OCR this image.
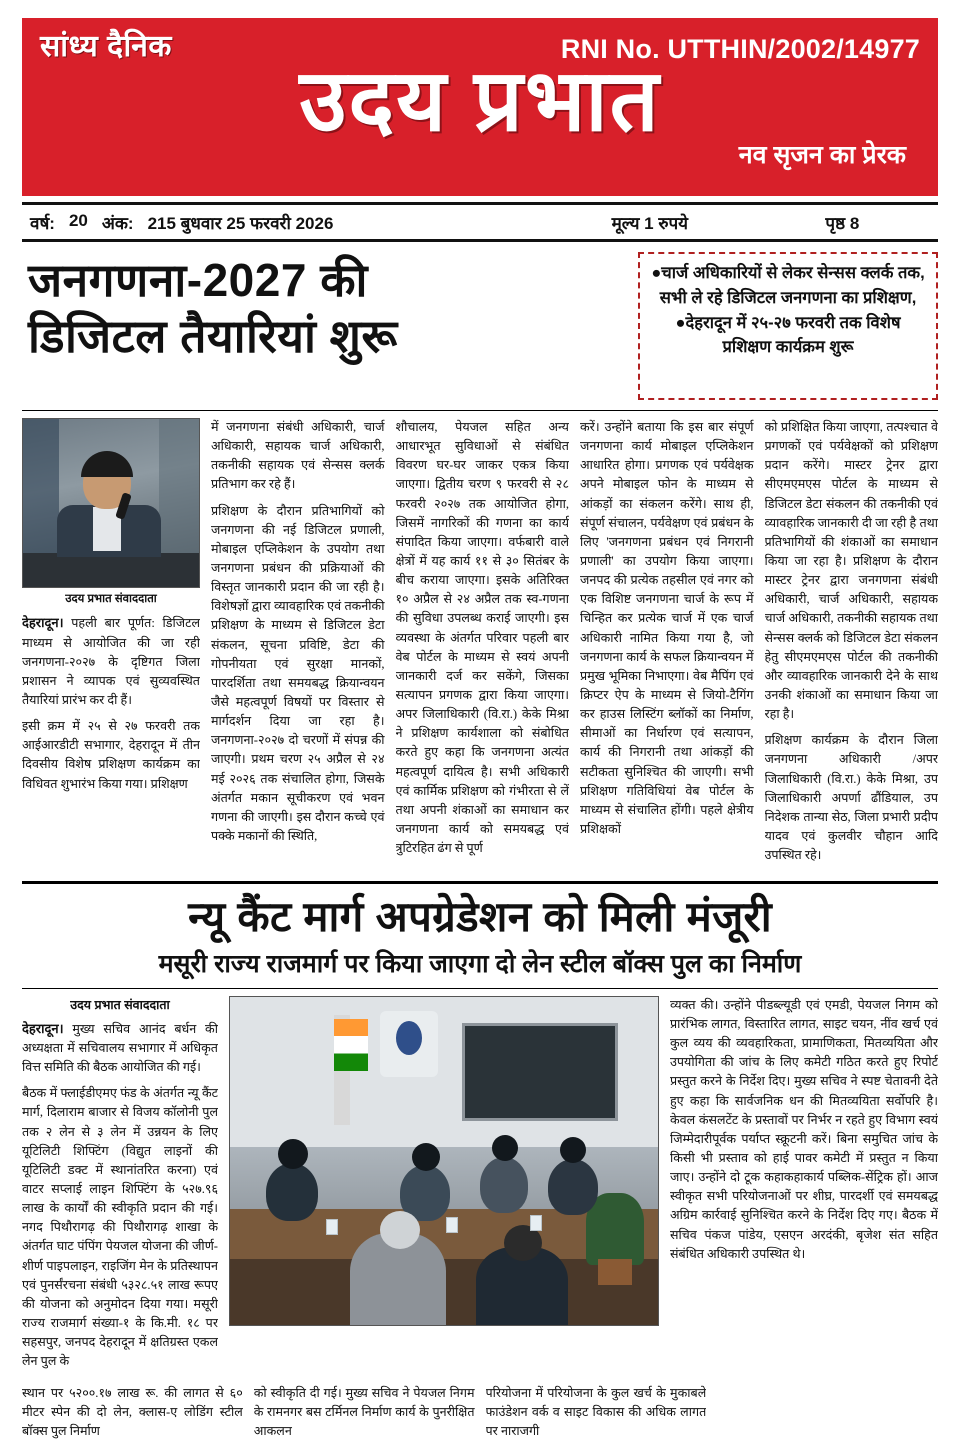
सांध्य दैनिक	RNI No. UTTHIN/2002/14977
उदय प्रभात
नव सृजन का प्रेरक
वर्ष: 20 अंक: 215 बुधवार 25 फरवरी 2026	मूल्य 1 रुपये	पृष्ठ 8
जनगणना-2027 की
डिजिटल तैयारियां शुरू
●चार्ज अधिकारियों से लेकर सेन्सस क्लर्क तक, सभी ले रहे डिजिटल जनगणना का प्रशिक्षण, ●देहरादून में २५-२७ फरवरी तक विशेष प्रशिक्षण कार्यक्रम शुरू
उदय प्रभात संवाददाता

देहरादून। पहली बार पूर्णत: डिजिटल माध्यम से आयोजित की जा रही जनगणना-२०२७ के दृष्टिगत जिला प्रशासन ने व्यापक एवं सुव्यवस्थित तैयारियां प्रारंभ कर दी हैं।

इसी क्रम में २५ से २७ फरवरी तक आईआरडीटी सभागार, देहरादून में तीन दिवसीय विशेष प्रशिक्षण कार्यक्रम का विधिवत शुभारंभ किया गया। प्रशिक्षण

में जनगणना संबंधी अधिकारी, चार्ज अधिकारी, सहायक चार्ज अधिकारी, तकनीकी सहायक एवं सेन्सस क्लर्क प्रतिभाग कर रहे हैं।

प्रशिक्षण के दौरान प्रतिभागियों को जनगणना की नई डिजिटल प्रणाली, मोबाइल एप्लिकेशन के उपयोग तथा जनगणना प्रबंधन की प्रक्रियाओं की विस्तृत जानकारी प्रदान की जा रही है। विशेषज्ञों द्वारा व्यावहारिक एवं तकनीकी प्रशिक्षण के माध्यम से डिजिटल डेटा संकलन, सूचना प्रविष्टि, डेटा की गोपनीयता एवं सुरक्षा मानकों, पारदर्शिता तथा समयबद्ध क्रियान्वयन जैसे महत्वपूर्ण विषयों पर विस्तार से मार्गदर्शन दिया जा रहा है। जनगणना-२०२७ दो चरणों में संपन्न की जाएगी। प्रथम चरण २५ अप्रैल से २४ मई २०२६ तक संचालित होगा, जिसके अंतर्गत मकान सूचीकरण एवं भवन गणना की जाएगी। इस दौरान कच्चे एवं पक्के मकानों की स्थिति,

शौचालय, पेयजल सहित अन्य आधारभूत सुविधाओं से संबंधित विवरण घर-घर जाकर एकत्र किया जाएगा। द्वितीय चरण ९ फरवरी से २८ फरवरी २०२७ तक आयोजित होगा, जिसमें नागरिकों की गणना का कार्य संपादित किया जाएगा। वर्फबारी वाले क्षेत्रों में यह कार्य ११ से ३० सितंबर के बीच कराया जाएगा। इसके अतिरिक्त १० अप्रैल से २४ अप्रैल तक स्व-गणना की सुविधा उपलब्ध कराई जाएगी। इस व्यवस्था के अंतर्गत परिवार पहली बार वेब पोर्टल के माध्यम से स्वयं अपनी जानकारी दर्ज कर सकेंगे, जिसका सत्यापन प्रगणक द्वारा किया जाएगा। अपर जिलाधिकारी (वि.रा.) केके मिश्रा ने प्रशिक्षण कार्यशाला को संबोधित करते हुए कहा कि जनगणना अत्यंत महत्वपूर्ण दायित्व है। सभी अधिकारी एवं कार्मिक प्रशिक्षण को गंभीरता से लें तथा अपनी शंकाओं का समाधान कर जनगणना कार्य को समयबद्ध एवं त्रुटिरहित ढंग से पूर्ण

करें। उन्होंने बताया कि इस बार संपूर्ण जनगणना कार्य मोबाइल एप्लिकेशन आधारित होगा। प्रगणक एवं पर्यवेक्षक अपने मोबाइल फोन के माध्यम से आंकड़ों का संकलन करेंगे। साथ ही, संपूर्ण संचालन, पर्यवेक्षण एवं प्रबंधन के लिए 'जनगणना प्रबंधन एवं निगरानी प्रणाली' का उपयोग किया जाएगा। जनपद की प्रत्येक तहसील एवं नगर को एक विशिष्ट जनगणना चार्ज के रूप में चिन्हित कर प्रत्येक चार्ज में एक चार्ज अधिकारी नामित किया गया है, जो जनगणना कार्य के सफल क्रियान्वयन में प्रमुख भूमिका निभाएगा। वेब मैपिंग एवं क्रिप्टर ऐप के माध्यम से जियो-टैगिंग कर हाउस लिस्टिंग ब्लॉकों का निर्माण, सीमाओं का निर्धारण एवं सत्यापन, कार्य की निगरानी तथा आंकड़ों की सटीकता सुनिश्चित की जाएगी। सभी प्रशिक्षण गतिविधियां वेब पोर्टल के माध्यम से संचालित होंगी। पहले क्षेत्रीय प्रशिक्षकों

को प्रशिक्षित किया जाएगा, तत्पश्चात वे प्रगणकों एवं पर्यवेक्षकों को प्रशिक्षण प्रदान करेंगे। मास्टर ट्रेनर द्वारा सीएमएमएस पोर्टल के माध्यम से डिजिटल डेटा संकलन की तकनीकी एवं व्यावहारिक जानकारी दी जा रही है तथा प्रतिभागियों की शंकाओं का समाधान किया जा रहा है। प्रशिक्षण के दौरान मास्टर ट्रेनर द्वारा जनगणना संबंधी अधिकारी, चार्ज अधिकारी, सहायक चार्ज अधिकारी, तकनीकी सहायक तथा सेन्सस क्लर्क को डिजिटल डेटा संकलन हेतु सीएमएमएस पोर्टल की तकनीकी और व्यावहारिक जानकारी देने के साथ उनकी शंकाओं का समाधान किया जा रहा है।

प्रशिक्षण कार्यक्रम के दौरान जिला जनगणना अधिकारी /अपर जिलाधिकारी (वि.रा.) केके मिश्रा, उप जिलाधिकारी अपर्णा ढौंडियाल, उप निदेशक तान्या सेठ, जिला प्रभारी प्रदीप यादव एवं कुलवीर चौहान आदि उपस्थित रहे।

न्यू कैंट मार्ग अपग्रेडेशन को मिली मंजूरी
मसूरी राज्य राजमार्ग पर किया जाएगा दो लेन स्टील बॉक्स पुल का निर्माण
उदय प्रभात संवाददाता

देहरादून। मुख्य सचिव आनंद बर्धन की अध्यक्षता में सचिवालय सभागार में अधिकृत वित्त समिति की बैठक आयोजित की गई।

बैठक में फ्लाईडीएमए फंड के अंतर्गत न्यू कैंट मार्ग, दिलाराम बाजार से विजय कॉलोनी पुल तक २ लेन से ३ लेन में उन्नयन के लिए यूटिलिटी शिफ्टिंग (विद्युत लाइनों की यूटिलिटी डक्ट में स्थानांतरित करना) एवं वाटर सप्लाई लाइन शिफ्टिंग के ५२७.९६ लाख के कार्यों की स्वीकृति प्रदान की गई। नगद पिथौरागढ़ की पिथौरागढ़ शाखा के अंतर्गत घाट पंपिंग पेयजल योजना की जीर्ण-शीर्ण पाइपलाइन, राइजिंग मेन के प्रतिस्थापन एवं पुनर्संरचना संबंधी ५३२८.५१ लाख रूपए की योजना को अनुमोदन दिया गया। मसूरी राज्य राजमार्ग संख्या-१ के कि.मी. १८ पर सहसपुर, जनपद देहरादून में क्षतिग्रस्त एकल लेन पुल के

व्यक्त की। उन्होंने पीडब्ल्यूडी एवं एमडी, पेयजल निगम को प्रारंभिक लागत, विस्तारित लागत, साइट चयन, नींव खर्च एवं कुल व्यय की व्यवहारिकता, प्रामाणिकता, मितव्ययिता और उपयोगिता की जांच के लिए कमेटी गठित करते हुए रिपोर्ट प्रस्तुत करने के निर्देश दिए। मुख्य सचिव ने स्पष्ट चेतावनी देते हुए कहा कि सार्वजनिक धन की मितव्ययिता सर्वोपरि है। केवल कंसलटेंट के प्रस्तावों पर निर्भर न रहते हुए विभाग स्वयं जिम्मेदारीपूर्वक पर्याप्त स्क्रूटनी करें। बिना समुचित जांच के किसी भी प्रस्ताव को हाई पावर कमेटी में प्रस्तुत न किया जाए। उन्होंने दो टूक कहाकहाकार्य पब्लिक-सेंट्रिक हों। आज स्वीकृत सभी परियोजनाओं पर शीघ्र, पारदर्शी एवं समयबद्ध अग्रिम कार्रवाई सुनिश्चित करने के निर्देश दिए गए। बैठक में सचिव पंकज पांडेय, एसएन अरदंकी, बृजेश संत सहित संबंधित अधिकारी उपस्थित थे।

स्थान पर ५२००.१७ लाख रू. की लागत से ६० मीटर स्पेन की दो लेन, क्लास-ए लोडिंग स्टील बॉक्स पुल निर्माण
को स्वीकृति दी गई। मुख्य सचिव ने पेयजल निगम के रामनगर बस टर्मिनल निर्माण कार्य के पुनरीक्षित आकलन
परियोजना में परियोजना के कुल खर्च के मुकाबले फाउंडेशन वर्क व साइट विकास की अधिक लागत पर नाराजगी
